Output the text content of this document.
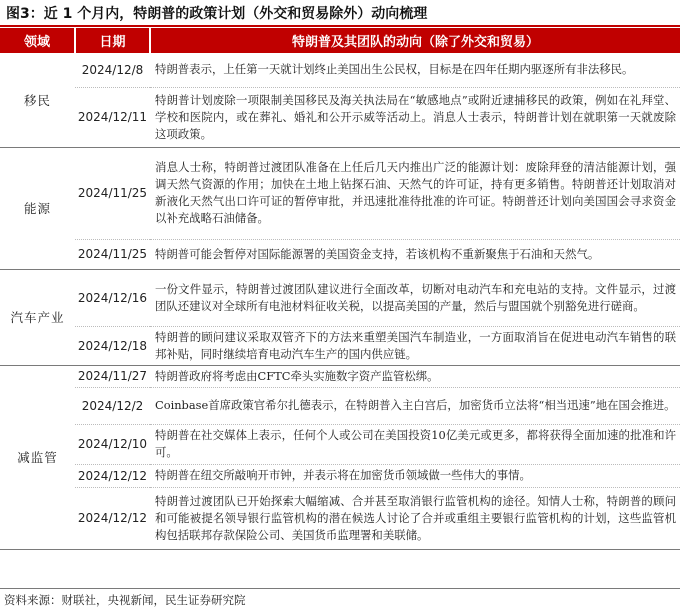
图3：近 1 个月内，特朗普的政策计划（外交和贸易除外）动向梳理
领域	日期	特朗普及其团队的动向（除了外交和贸易）
移民	2024/12/8	特朗普表示，上任第一天就计划终止美国出生公民权，目标是在四年任期内驱逐所有非法移民。
	2024/12/11	特朗普计划废除一项限制美国移民及海关执法局在“敏感地点”或附近逮捕移民的政策，例如在礼拜堂、学校和医院内，或在葬礼、婚礼和公开示威等活动上。消息人士表示，特朗普计划在就职第一天就废除这项政策。
能源	2024/11/25	消息人士称，特朗普过渡团队准备在上任后几天内推出广泛的能源计划：废除拜登的清洁能源计划，强调天然气资源的作用；加快在土地上钻探石油、天然气的许可证，持有更多销售。特朗普还计划取消对新液化天然气出口许可证的暂停审批，并迅速批准待批准的许可证。特朗普还计划向美国国会寻求资金以补充战略石油储备。
	2024/11/25	特朗普可能会暂停对国际能源署的美国资金支持，若该机构不重新聚焦于石油和天然气。
汽车产业	2024/12/16	一份文件显示，特朗普过渡团队建议进行全面改革，切断对电动汽车和充电站的支持。文件显示，过渡团队还建议对全球所有电池材料征收关税，以提高美国的产量，然后与盟国就个别豁免进行磋商。
	2024/12/18	特朗普的顾问建议采取双管齐下的方法来重塑美国汽车制造业，一方面取消旨在促进电动汽车销售的联邦补贴，同时继续培育电动汽车生产的国内供应链。
减监管	2024/11/27	特朗普政府将考虑由CFTC牵头实施数字资产监管松绑。
	2024/12/2	Coinbase首席政策官希尔扎德表示，在特朗普入主白宫后，加密货币立法将“相当迅速”地在国会推进。
	2024/12/10	特朗普在社交媒体上表示，任何个人或公司在美国投资10亿美元或更多，都将获得全面加速的批准和许可。
	2024/12/12	特朗普在纽交所敲响开市钟，并表示将在加密货币领域做一些伟大的事情。
	2024/12/12	特朗普过渡团队已开始探索大幅缩减、合并甚至取消银行监管机构的途径。知情人士称，特朗普的顾问和可能被提名领导银行监管机构的潜在候选人讨论了合并或重组主要银行监管机构的计划，这些监管机构包括联邦存款保险公司、美国货币监理署和美联储。
资料来源：财联社，央视新闻，民生证券研究院
